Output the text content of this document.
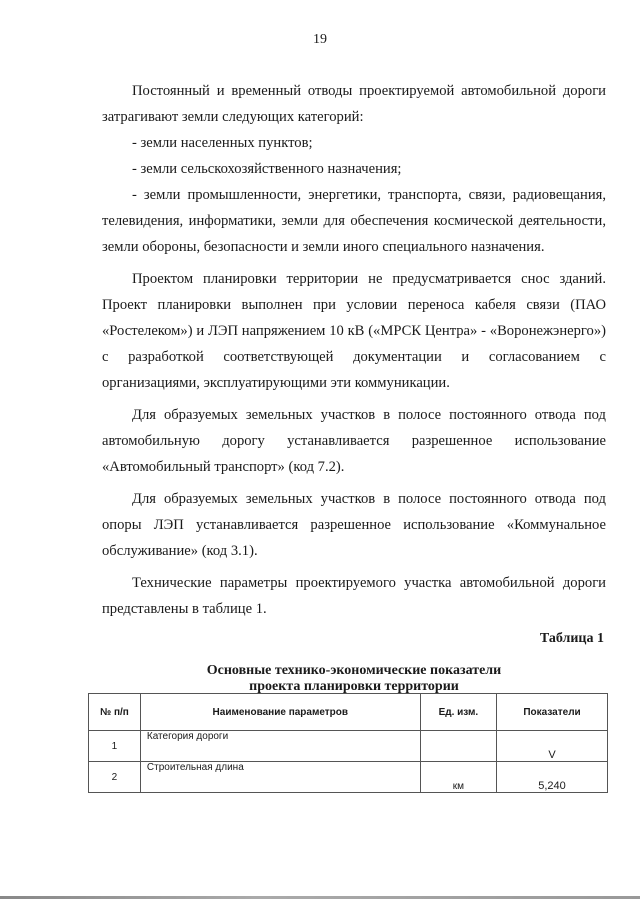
19

Постоянный и временный отводы проектируемой автомобильной дороги затрагивают земли следующих категорий:

- земли населенных пунктов;

- земли сельскохозяйственного назначения;

- земли промышленности, энергетики, транспорта, связи, радиовещания, телевидения, информатики, земли для обеспечения космической деятельности, земли обороны, безопасности и земли иного специального назначения.

Проектом планировки территории не предусматривается снос зданий. Проект планировки выполнен при условии переноса кабеля связи (ПАО «Ростелеком») и ЛЭП напряжением 10 кВ («МРСК Центра» - «Воронежэнерго») с разработкой соответствующей документации и согласованием с организациями, эксплуатирующими эти коммуникации.

Для образуемых земельных участков в полосе постоянного отвода под автомобильную дорогу устанавливается разрешенное использование «Автомобильный транспорт» (код 7.2).

Для образуемых земельных участков в полосе постоянного отвода под опоры ЛЭП устанавливается разрешенное использование «Коммунальное обслуживание» (код 3.1).

Технические параметры проектируемого участка автомобильной дороги представлены в таблице 1.

Таблица 1
Основные технико-экономические показатели
проекта планировки территории
№ п/п	Наименование параметров	Ед. изм.	Показатели
1	Категория дороги		V
2	Строительная длина	км	5,240
